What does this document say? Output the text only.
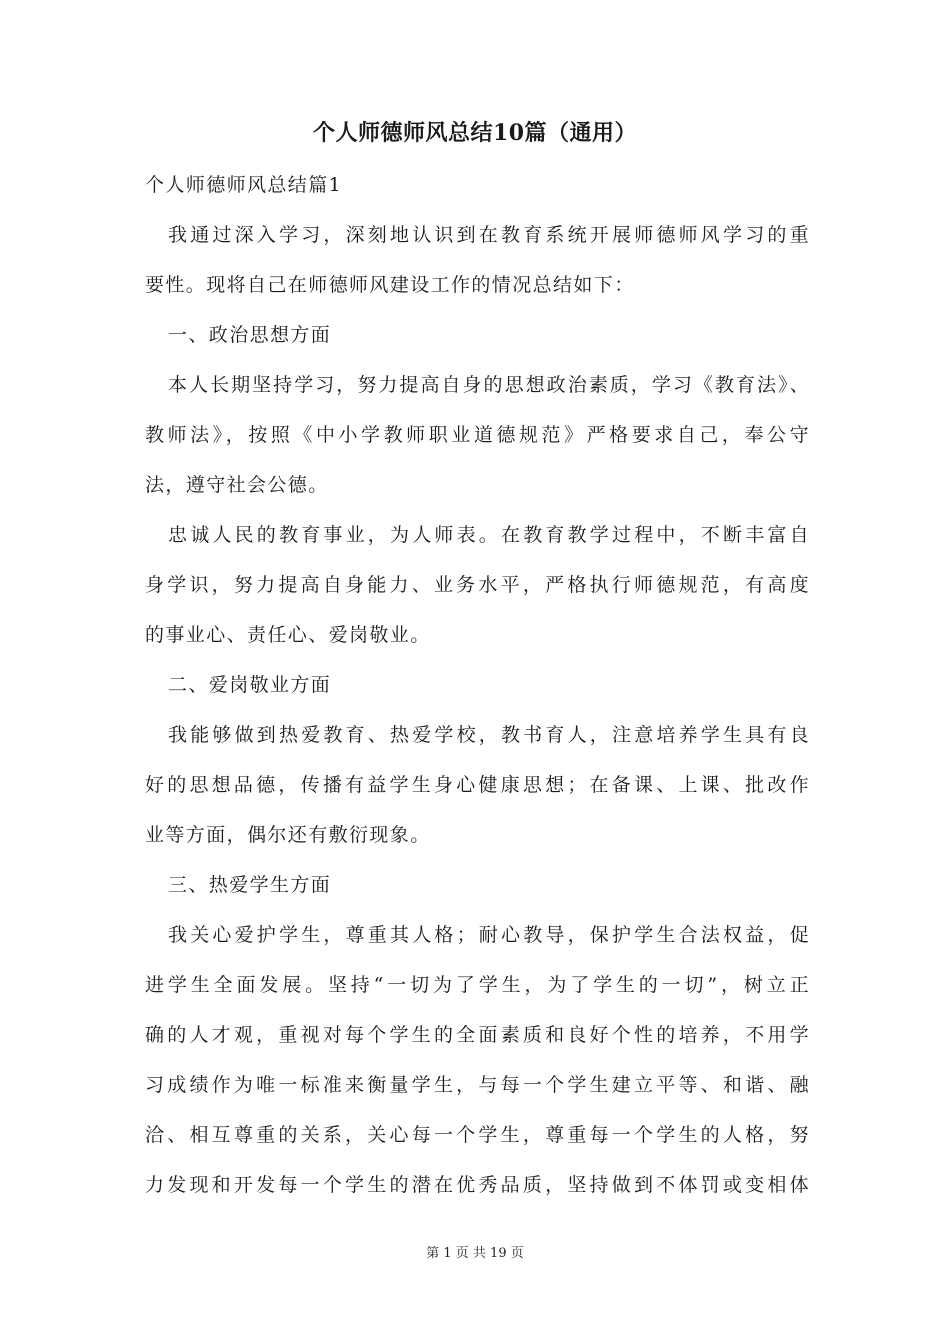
个人师德师风总结10篇（通用）
个人师德师风总结篇1
我通过深入学习，深刻地认识到在教育系统开展师德师风学习的重
要性。现将自己在师德师风建设工作的情况总结如下：
一、政治思想方面
本人长期坚持学习，努力提高自身的思想政治素质，学习《教育法》、
教师法》，按照《中小学教师职业道德规范》严格要求自己，奉公守
法，遵守社会公德。
忠诚人民的教育事业，为人师表。在教育教学过程中，不断丰富自
身学识，努力提高自身能力、业务水平，严格执行师德规范，有高度
的事业心、责任心、爱岗敬业。
二、爱岗敬业方面
我能够做到热爱教育、热爱学校，教书育人，注意培养学生具有良
好的思想品德，传播有益学生身心健康思想；在备课、上课、批改作
业等方面，偶尔还有敷衍现象。
三、热爱学生方面
我关心爱护学生，尊重其人格；耐心教导，保护学生合法权益，促
进学生全面发展。坚持“一切为了学生，为了学生的一切”，树立正
确的人才观，重视对每个学生的全面素质和良好个性的培养，不用学
习成绩作为唯一标准来衡量学生，与每一个学生建立平等、和谐、融
洽、相互尊重的关系，关心每一个学生，尊重每一个学生的人格，努
力发现和开发每一个学生的潜在优秀品质，坚持做到不体罚或变相体
第 1 页 共 19 页
